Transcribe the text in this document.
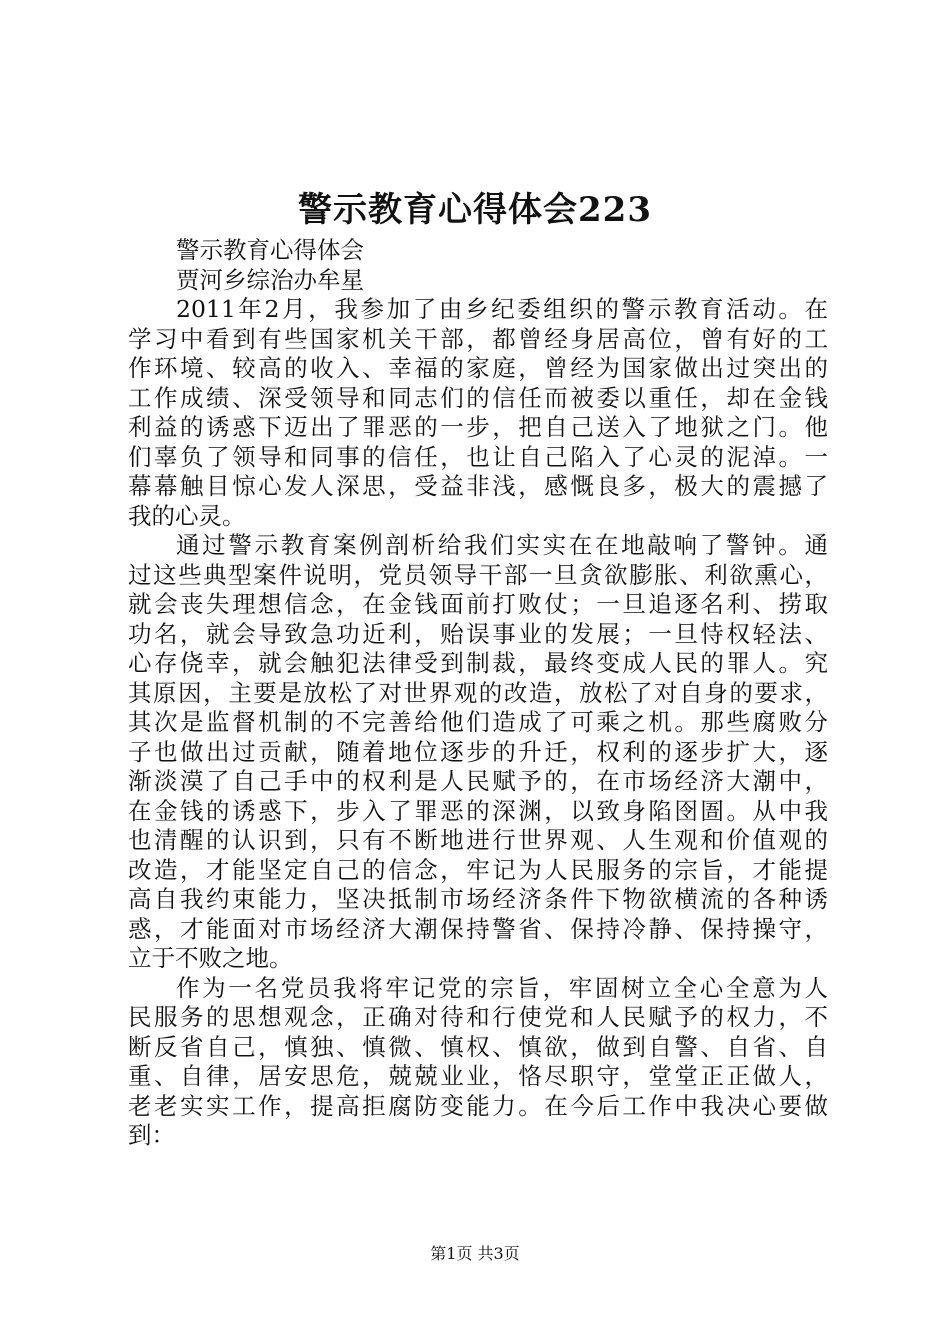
警示教育心得体会223
警示教育心得体会
贾河乡综治办牟星
2011年2月，我参加了由乡纪委组织的警示教育活动。在
学习中看到有些国家机关干部，都曾经身居高位，曾有好的工
作环境、较高的收入、幸福的家庭，曾经为国家做出过突出的
工作成绩、深受领导和同志们的信任而被委以重任，却在金钱
利益的诱惑下迈出了罪恶的一步，把自己送入了地狱之门。他
们辜负了领导和同事的信任，也让自己陷入了心灵的泥淖。一
幕幕触目惊心发人深思，受益非浅，感慨良多，极大的震撼了
我的心灵。
通过警示教育案例剖析给我们实实在在地敲响了警钟。通
过这些典型案件说明，党员领导干部一旦贪欲膨胀、利欲熏心，
就会丧失理想信念，在金钱面前打败仗；一旦追逐名利、捞取
功名，就会导致急功近利，贻误事业的发展；一旦恃权轻法、
心存侥幸，就会触犯法律受到制裁，最终变成人民的罪人。究
其原因，主要是放松了对世界观的改造，放松了对自身的要求，
其次是监督机制的不完善给他们造成了可乘之机。那些腐败分
子也做出过贡献，随着地位逐步的升迁，权利的逐步扩大，逐
渐淡漠了自己手中的权利是人民赋予的，在市场经济大潮中，
在金钱的诱惑下，步入了罪恶的深渊，以致身陷囹圄。从中我
也清醒的认识到，只有不断地进行世界观、人生观和价值观的
改造，才能坚定自己的信念，牢记为人民服务的宗旨，才能提
高自我约束能力，坚决抵制市场经济条件下物欲横流的各种诱
惑，才能面对市场经济大潮保持警省、保持冷静、保持操守，
立于不败之地。
作为一名党员我将牢记党的宗旨，牢固树立全心全意为人
民服务的思想观念，正确对待和行使党和人民赋予的权力，不
断反省自己，慎独、慎微、慎权、慎欲，做到自警、自省、自
重、自律，居安思危，兢兢业业，恪尽职守，堂堂正正做人，
老老实实工作，提高拒腐防变能力。在今后工作中我决心要做
到：
第1页 共3页
